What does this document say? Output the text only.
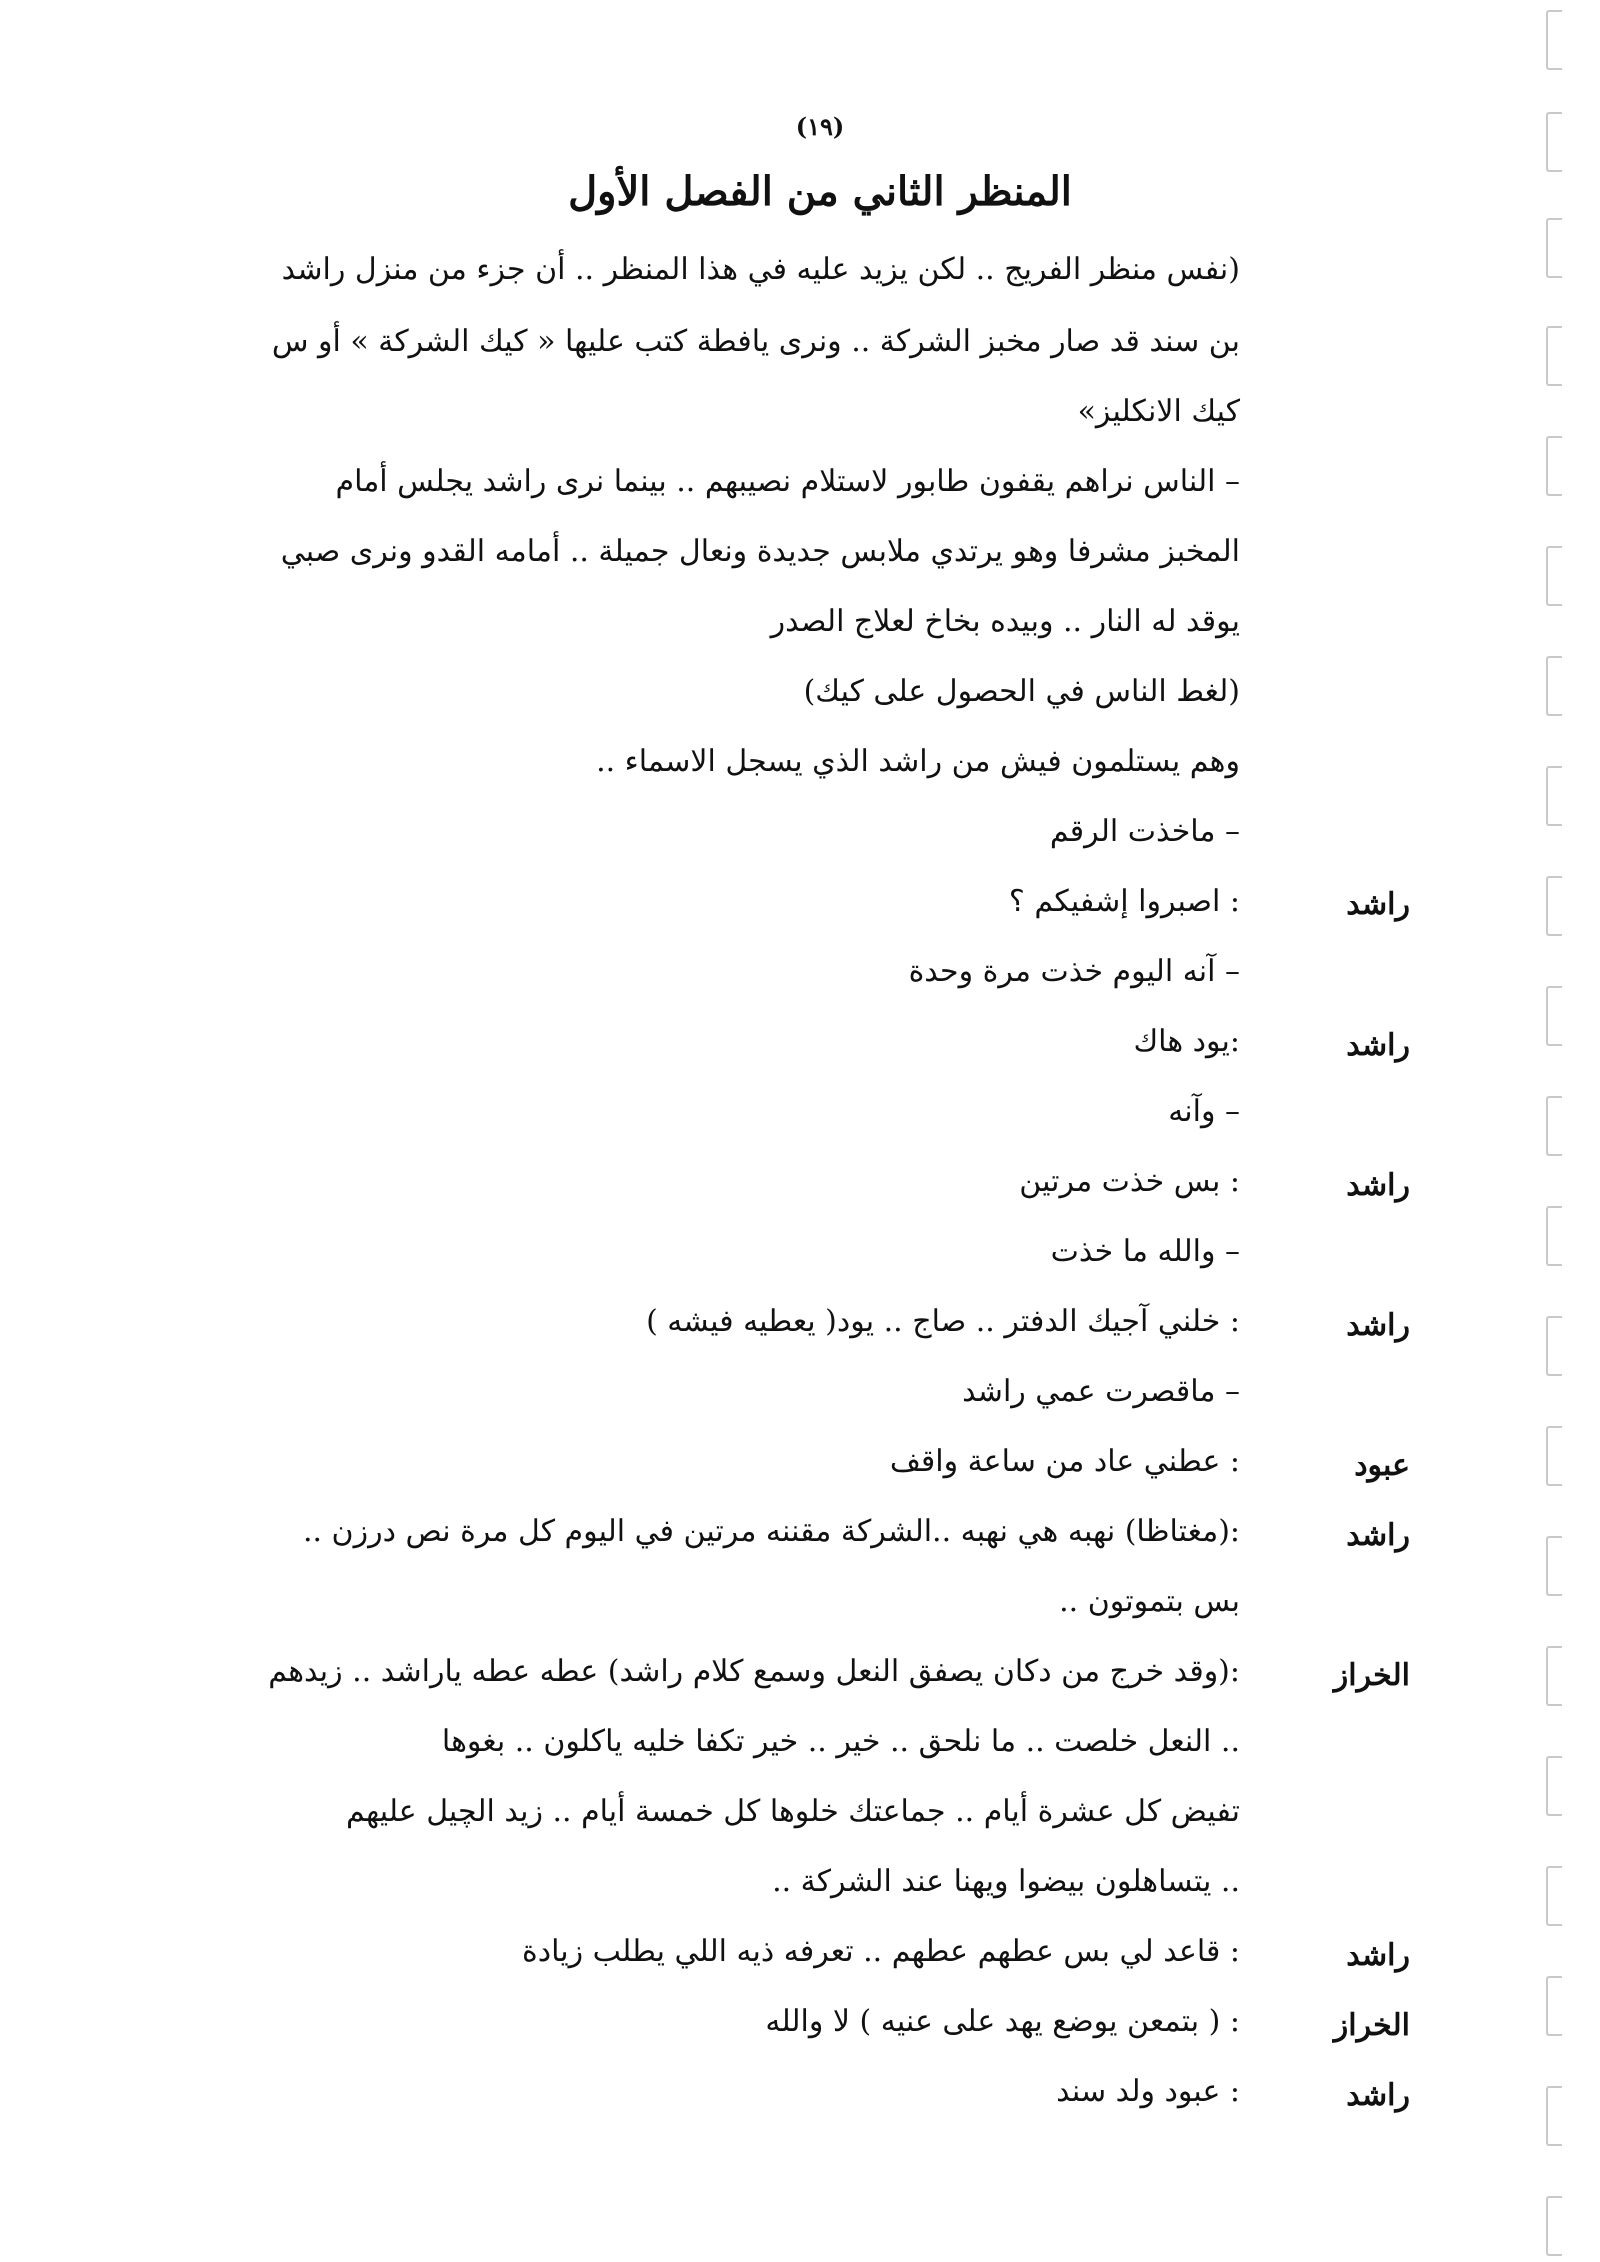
(١٩)
المنظر الثاني من الفصل الأول
(نفس منظر الفريج .. لكن يزيد عليه في هذا المنظر .. أن جزء من منزل راشد
بن سند قد صار مخبز الشركة .. ونرى يافطة كتب عليها « كيك الشركة » أو س
كيك الانكليز»
– الناس نراهم يقفون طابور لاستلام نصيبهم .. بينما نرى راشد يجلس أمام
المخبز مشرفا وهو يرتدي ملابس جديدة ونعال جميلة .. أمامه القدو ونرى صبي
يوقد له النار .. وبيده بخاخ لعلاج الصدر
(لغط الناس في الحصول على كيك)
وهم يستلمون فيش من راشد الذي يسجل الاسماء ..
– ماخذت الرقم
راشد
: اصبروا إشفيكم ؟
– آنه اليوم خذت مرة وحدة
راشد
:يود هاك
– وآنه
راشد
: بس خذت مرتين
– والله ما خذت
راشد
: خلني آجيك الدفتر .. صاج .. يود( يعطيه فيشه )
– ماقصرت عمي راشد
عبود
: عطني عاد من ساعة واقف
راشد
:(مغتاظا) نهبه هي نهبه ..الشركة مقننه مرتين في اليوم كل مرة نص درزن ..
بس بتموتون ..
الخراز
:(وقد خرج من دكان يصفق النعل وسمع كلام راشد) عطه عطه ياراشد .. زيدهم
.. النعل خلصت .. ما نلحق .. خير .. خير تكفا خليه ياكلون .. بغوها
تفيض كل عشرة أيام .. جماعتك خلوها كل خمسة أيام .. زيد الچيل عليهم
.. يتساهلون بيضوا ويهنا عند الشركة ..
راشد
: قاعد لي بس عطهم عطهم .. تعرفه ذيه اللي يطلب زيادة
الخراز
: ( بتمعن يوضع يهد على عنيه ) لا والله
راشد
: عبود ولد سند
